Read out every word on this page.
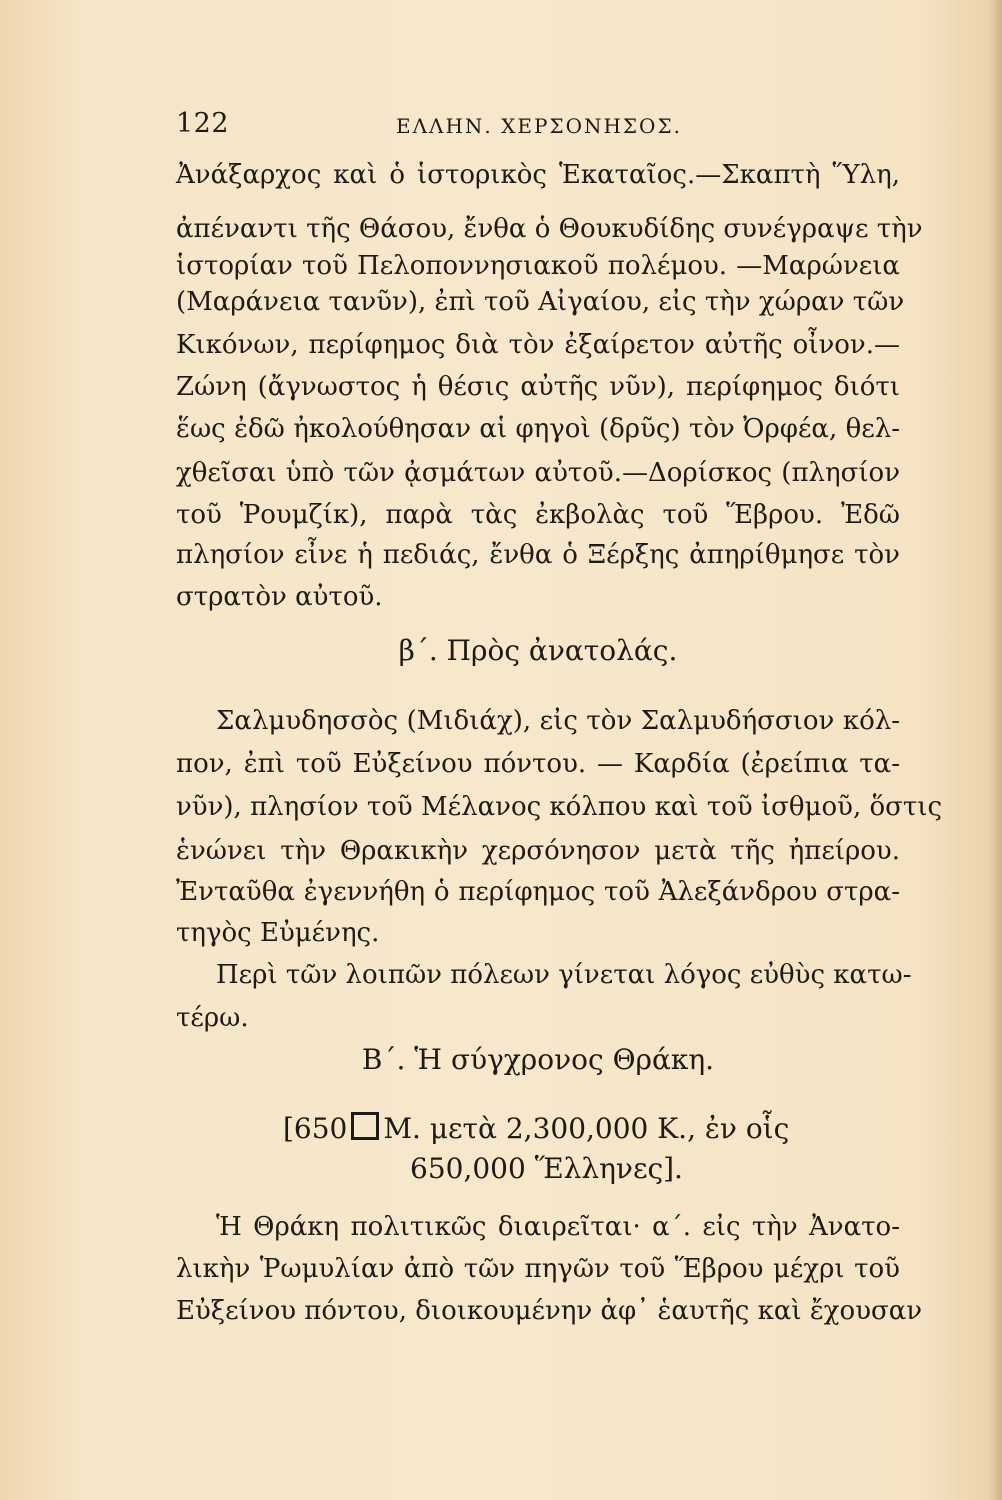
122	ΕΛΛΗΝ. ΧΕΡΣΟΝΗΣΟΣ.
Ἀνάξαρχος καὶ ὁ ἱστορικὸς Ἑκαταῖος.—Σκαπτὴ Ὕλη,
ἀπέναντι τῆς Θάσου, ἔνθα ὁ Θουκυδίδης συνέγραψε τὴν
ἱστορίαν τοῦ Πελοποννησιακοῦ πολέμου. —Μαρώνεια
(Μαράνεια τανῦν), ἐπὶ τοῦ Αἰγαίου, εἰς τὴν χώραν τῶν
Κικόνων, περίφημος διὰ τὸν ἐξαίρετον αὐτῆς οἶνον.—
Ζώνη (ἄγνωστος ἡ θέσις αὐτῆς νῦν), περίφημος διότι
ἕως ἐδῶ ἠκολούθησαν αἱ φηγοὶ (δρῦς) τὸν Ὀρφέα, θελ-
χθεῖσαι ὑπὸ τῶν ᾀσμάτων αὐτοῦ.—Δορίσκος (πλησίον
τοῦ Ῥουμζίκ), παρὰ τὰς ἐκβολὰς τοῦ Ἕβρου. Ἐδῶ
πλησίον εἶνε ἡ πεδιάς, ἔνθα ὁ Ξέρξης ἀπηρίθμησε τὸν
στρατὸν αὐτοῦ.
β΄. Πρὸς ἀνατολάς.
Σαλμυδησσὸς (Μιδιάχ), εἰς τὸν Σαλμυδήσσιον κόλ-
πον, ἐπὶ τοῦ Εὐξείνου πόντου. — Καρδία (ἐρείπια τα-
νῦν), πλησίον τοῦ Μέλανος κόλπου καὶ τοῦ ἰσθμοῦ, ὅστις
ἑνώνει τὴν Θρακικὴν χερσόνησον μετὰ τῆς ἠπείρου.
Ἐνταῦθα ἐγεννήθη ὁ περίφημος τοῦ Ἀλεξάνδρου στρα-
τηγὸς Εὐμένης.
Περὶ τῶν λοιπῶν πόλεων γίνεται λόγος εὐθὺς κατω-
τέρω.
Β΄. Ἡ σύγχρονος Θράκη.
[650 Μ. μετὰ 2,300,000 Κ., ἐν οἷς
650,000 Ἕλληνες].
Ἡ Θράκη πολιτικῶς διαιρεῖται· α΄. εἰς τὴν Ἀνατο-
λικὴν Ῥωμυλίαν ἀπὸ τῶν πηγῶν τοῦ Ἕβρου μέχρι τοῦ
Εὐξείνου πόντου, διοικουμένην ἀφ᾽ ἑαυτῆς καὶ ἔχουσαν
